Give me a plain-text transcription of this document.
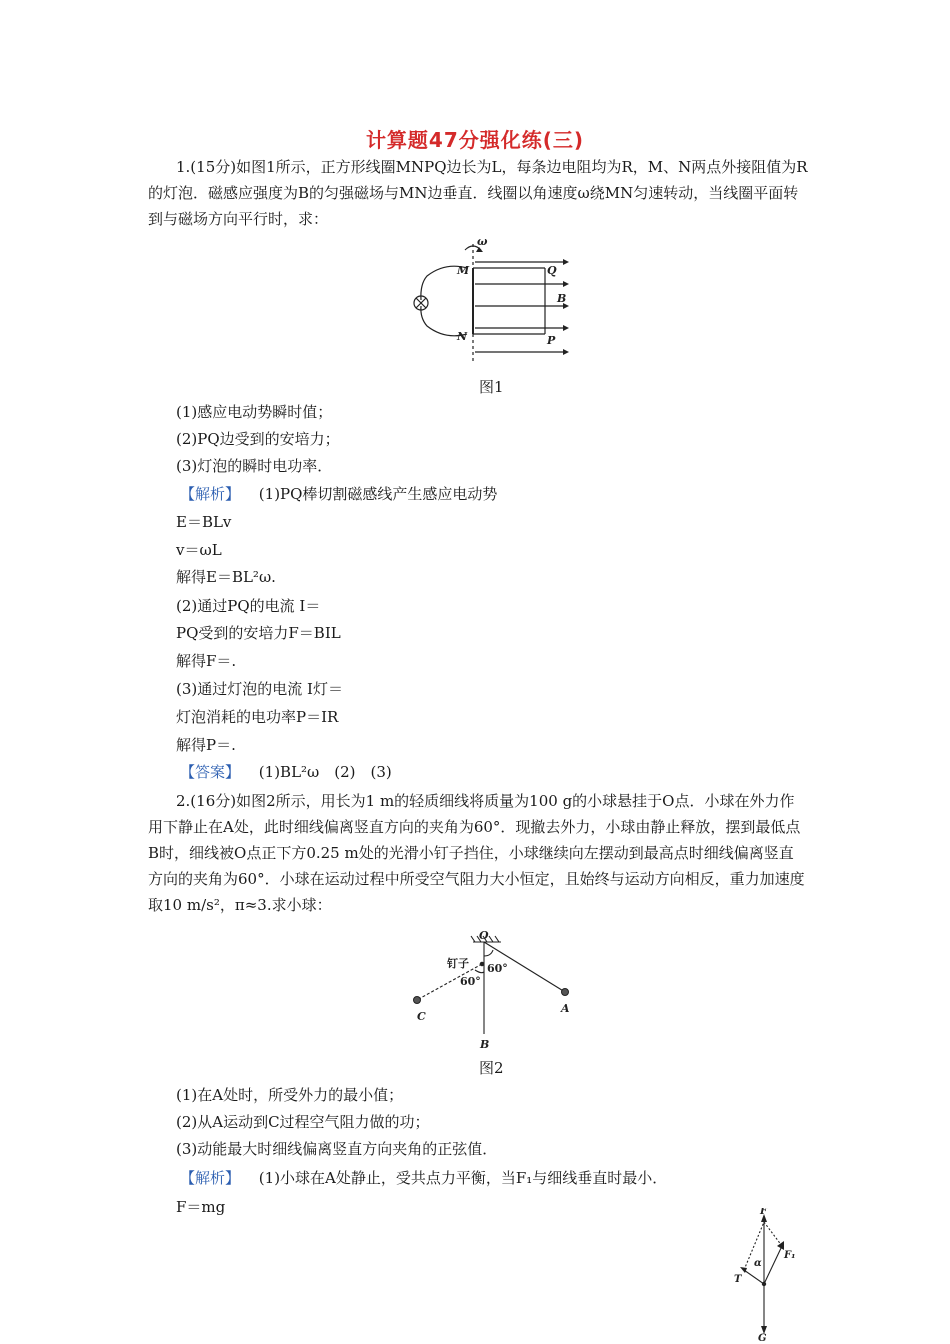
计算题47分强化练(三)
1.(15分)如图1所示，正方形线圈MNPQ边长为L，每条边电阻均为R，M、N两点外接阻值为R的灯泡．磁感应强度为B的匀强磁场与MN边垂直．线圈以角速度ω绕MN匀速转动，当线圈平面转到与磁场方向平行时，求：
ω
M
N
Q
P
B
图1
(1)感应电动势瞬时值；
(2)PQ边受到的安培力；
(3)灯泡的瞬时电功率．
【解析】 (1)PQ棒切割磁感线产生感应电动势
E＝BLv
v＝ωL
解得E＝BL²ω.
(2)通过PQ的电流 I＝
PQ受到的安培力F＝BIL
解得F＝.
(3)通过灯泡的电流 I灯＝
灯泡消耗的电功率P＝IR
解得P＝.
【答案】 (1)BL²ω　(2)　(3)
2.(16分)如图2所示，用长为1 m的轻质细线将质量为100 g的小球悬挂于O点．小球在外力作用下静止在A处，此时细线偏离竖直方向的夹角为60°．现撤去外力，小球由静止释放，摆到最低点B时，细线被O点正下方0.25 m处的光滑小钉子挡住，小球继续向左摆动到最高点时细线偏离竖直方向的夹角为60°．小球在运动过程中所受空气阻力大小恒定，且始终与运动方向相反，重力加速度取10 m/s²，π≈3.求小球：
O
钉子 60°
60°
C
A
B
图2
(1)在A处时，所受外力的最小值；
(2)从A运动到C过程空气阻力做的功；
(3)动能最大时细线偏离竖直方向夹角的正弦值．
【解析】 (1)小球在A处静止，受共点力平衡，当F₁与细线垂直时最小．
F＝mg	F
F₁
α
T
G
